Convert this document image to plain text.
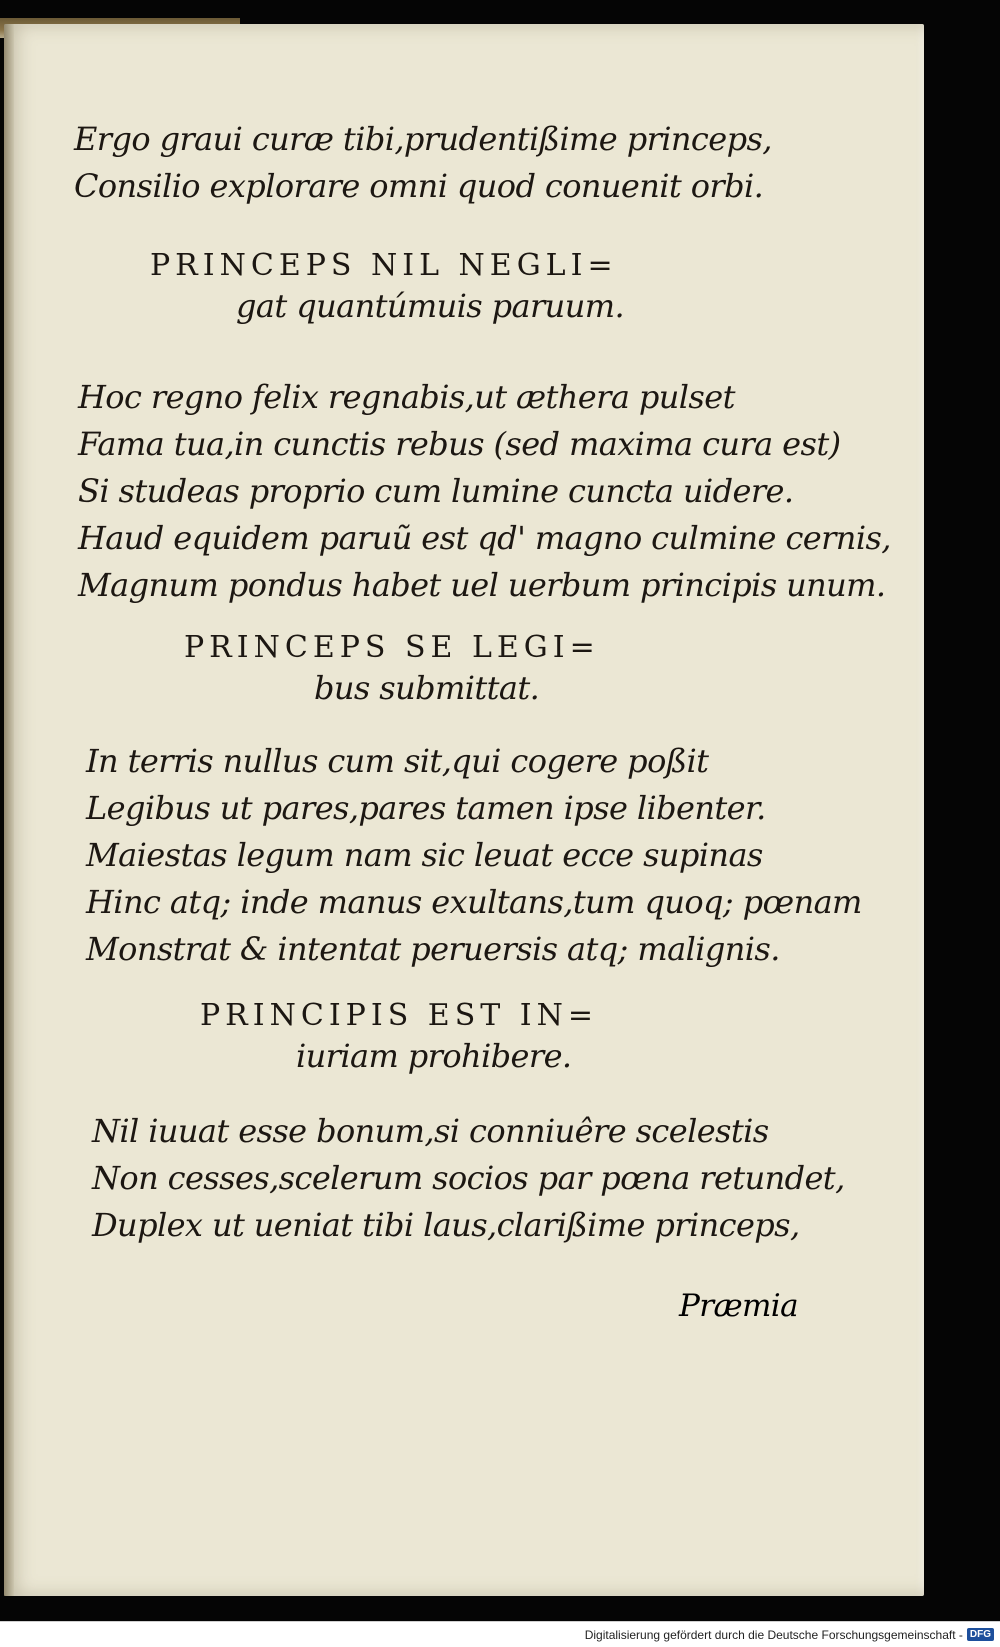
Ergo graui curæ tibi,prudentißime princeps,

Consilio explorare omni quod conuenit orbi.

PRINCEPS NIL NEGLI=

gat quantúmuis paruum.

Hoc regno felix regnabis,ut æthera pulset

Fama tua,in cunctis rebus (sed maxima cura est)

Si studeas proprio cum lumine cuncta uidere.

Haud equidem paruũ est qd' magno culmine cernis,

Magnum pondus habet uel uerbum principis unum.

PRINCEPS SE LEGI=

bus submittat.

In terris nullus cum sit,qui cogere poßit

Legibus ut pares,pares tamen ipse libenter.

Maiestas legum nam sic leuat ecce supinas

Hinc atq; inde manus exultans,tum quoq; pœnam

Monstrat & intentat peruersis atq; malignis.

PRINCIPIS EST IN=

iuriam prohibere.

Nil iuuat esse bonum,si conniuêre scelestis

Non cesses,scelerum socios par pœna retundet,

Duplex ut ueniat tibi laus,clarißime princeps,

Præmia
Digitalisierung gefördert durch die Deutsche Forschungsgemeinschaft - DFG
